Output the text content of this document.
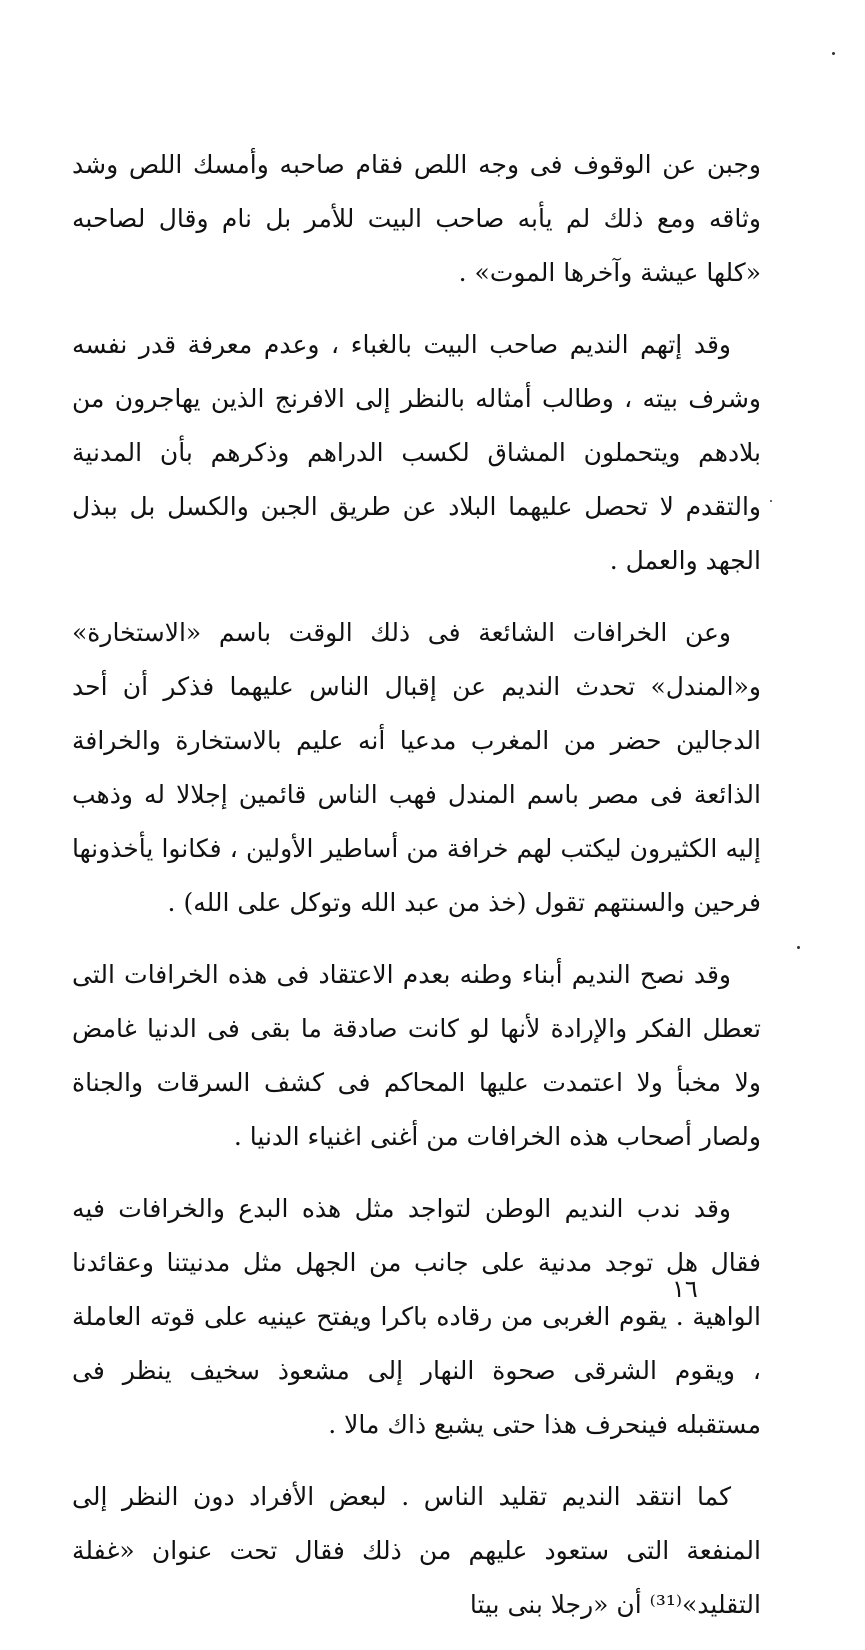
وجبن عن الوقوف فى وجه اللص فقام صاحبه وأمسك اللص وشد وثاقه ومع ذلك لم يأبه صاحب البيت للأمر بل نام وقال لصاحبه «كلها عيشة وآخرها الموت» .

وقد إتهم النديم صاحب البيت بالغباء ، وعدم معرفة قدر نفسه وشرف بيته ، وطالب أمثاله بالنظر إلى الافرنج الذين يهاجرون من بلادهم ويتحملون المشاق لكسب الدراهم وذكرهم بأن المدنية والتقدم لا تحصل عليهما البلاد عن طريق الجبن والكسل بل ببذل الجهد والعمل .

وعن الخرافات الشائعة فى ذلك الوقت باسم «الاستخارة» و«المندل» تحدث النديم عن إقبال الناس عليهما فذكر أن أحد الدجالين حضر من المغرب مدعيا أنه عليم بالاستخارة والخرافة الذائعة فى مصر باسم المندل فهب الناس قائمين إجلالا له وذهب إليه الكثيرون ليكتب لهم خرافة من أساطير الأولين ، فكانوا يأخذونها فرحين والسنتهم تقول (خذ من عبد الله وتوكل على الله) .

وقد نصح النديم أبناء وطنه بعدم الاعتقاد فى هذه الخرافات التى تعطل الفكر والإرادة لأنها لو كانت صادقة ما بقى فى الدنيا غامض ولا مخبأ ولا اعتمدت عليها المحاكم فى كشف السرقات والجناة ولصار أصحاب هذه الخرافات من أغنى اغنياء الدنيا .

وقد ندب النديم الوطن لتواجد مثل هذه البدع والخرافات فيه فقال هل توجد مدنية على جانب من الجهل مثل مدنيتنا وعقائدنا الواهية . يقوم الغربى من رقاده باكرا ويفتح عينيه على قوته العاملة ، ويقوم الشرقى صحوة النهار إلى مشعوذ سخيف ينظر فى مستقبله فينحرف هذا حتى يشبع ذاك مالا .

كما انتقد النديم تقليد الناس . لبعض الأفراد دون النظر إلى المنفعة التى ستعود عليهم من ذلك فقال تحت عنوان «غفلة التقليد»⁽³¹⁾ أن «رجلا بنى بيتا

١٦
